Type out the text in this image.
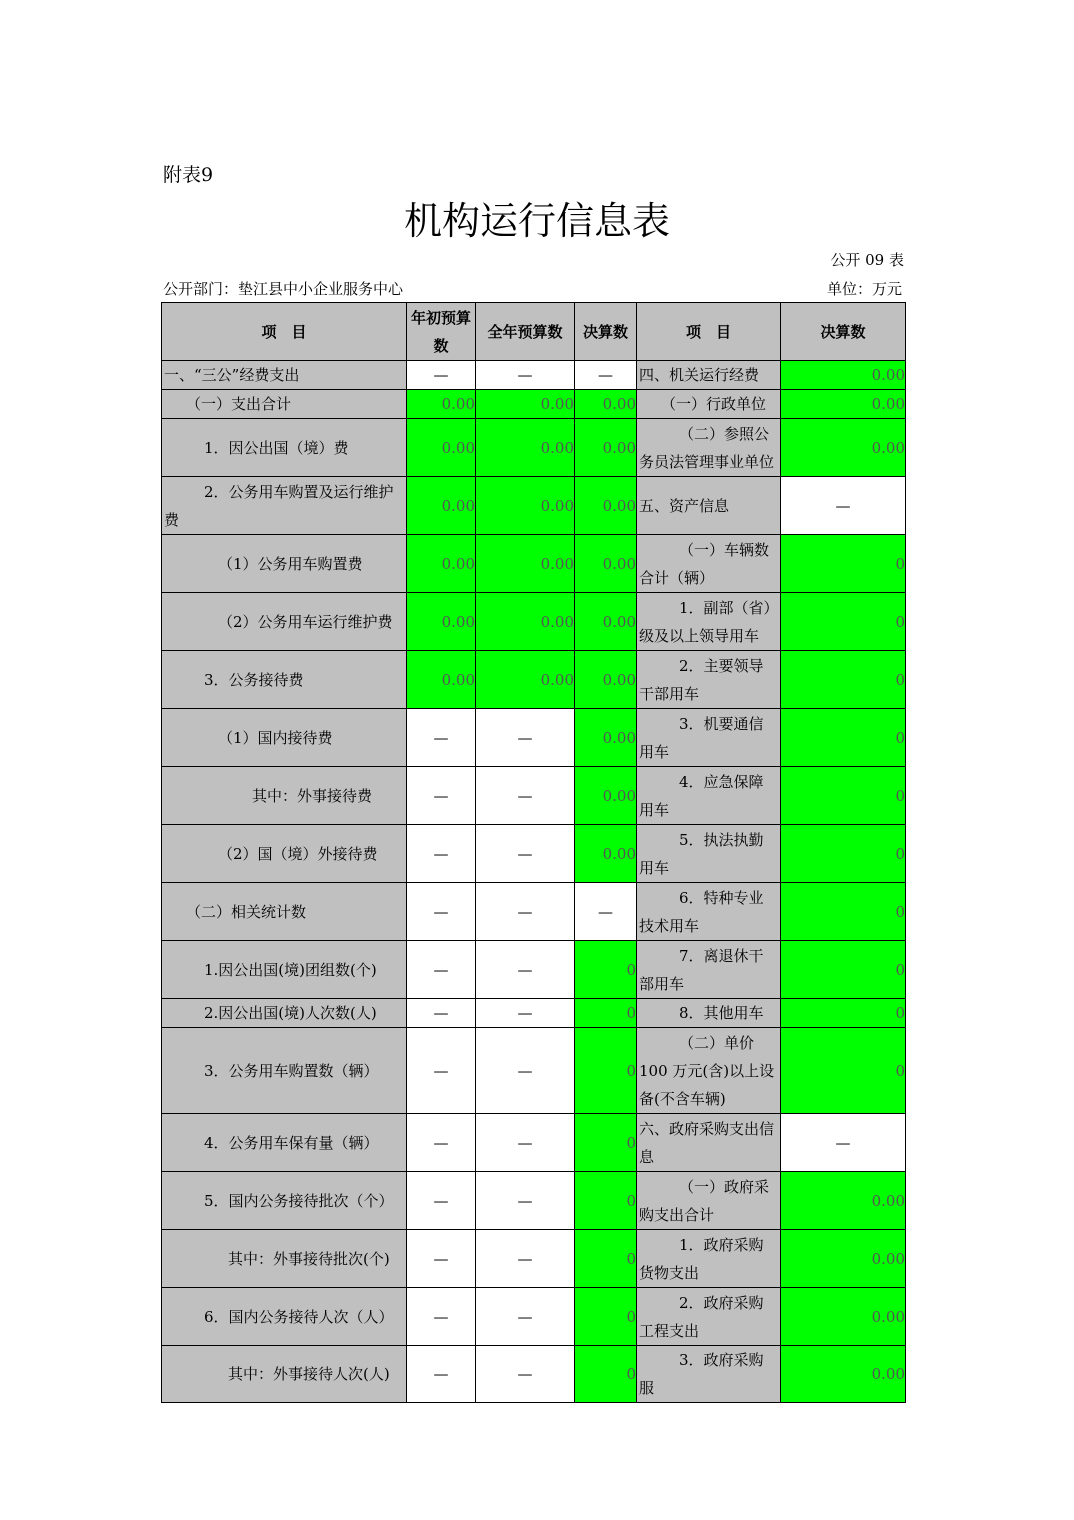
附表9
机构运行信息表
公开 09 表
公开部门：垫江县中小企业服务中心	单位：万元
项　目	年初预算数	全年预算数	决算数	项　目	决算数
一、“三公”经费支出	—	—	—	四、机关运行经费	0.00
（一）支出合计	0.00	0.00	0.00	（一）行政单位	0.00
1．因公出国（境）费	0.00	0.00	0.00	（二）参照公务员法管理事业单位	0.00
2．公务用车购置及运行维护费	0.00	0.00	0.00	五、资产信息	—
（1）公务用车购置费	0.00	0.00	0.00	（一）车辆数合计（辆）	0
（2）公务用车运行维护费	0.00	0.00	0.00	1．副部（省）级及以上领导用车	0
3．公务接待费	0.00	0.00	0.00	2．主要领导干部用车	0
（1）国内接待费	—	—	0.00	3．机要通信用车	0
其中：外事接待费	—	—	0.00	4．应急保障用车	0
（2）国（境）外接待费	—	—	0.00	5．执法执勤用车	0
（二）相关统计数	—	—	—	6．特种专业技术用车	0
1.因公出国(境)团组数(个)	—	—	0	7．离退休干部用车	0
2.因公出国(境)人次数(人)	—	—	0	8．其他用车	0
3．公务用车购置数（辆）	—	—	0	（二）单价 100 万元(含)以上设备(不含车辆)	0
4．公务用车保有量（辆）	—	—	0	六、政府采购支出信息	—
5．国内公务接待批次（个）	—	—	0	（一）政府采购支出合计	0.00
其中：外事接待批次(个)	—	—	0	1．政府采购货物支出	0.00
6．国内公务接待人次（人）	—	—	0	2．政府采购工程支出	0.00
其中：外事接待人次(人)	—	—	0	3．政府采购服	0.00
